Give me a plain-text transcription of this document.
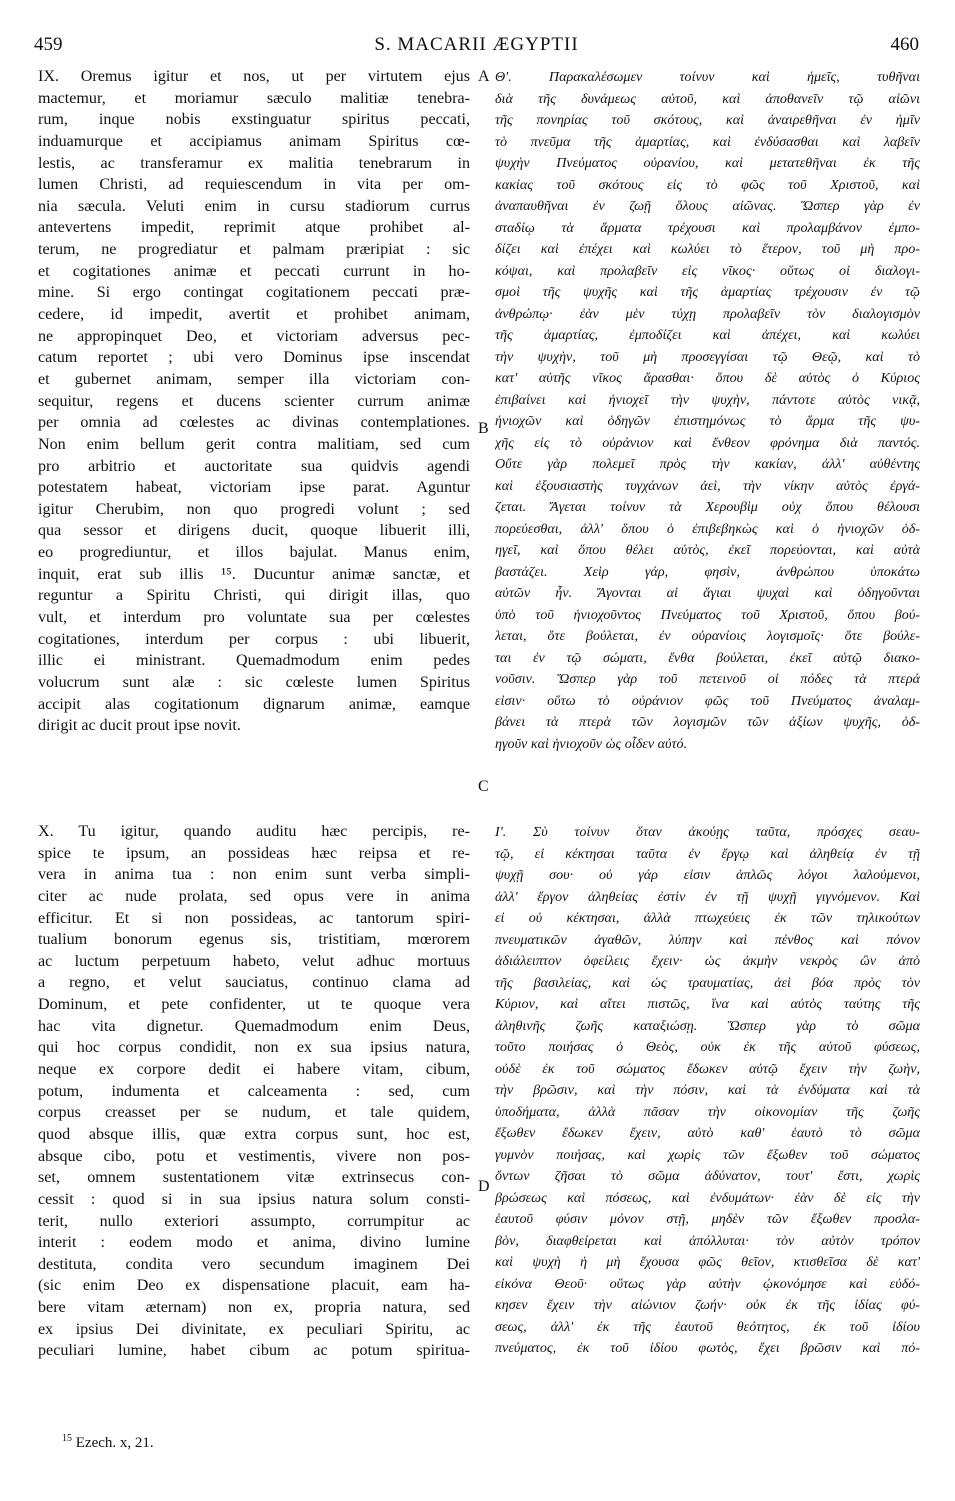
459	S. MACARII ÆGYPTII	460
IX. Oremus igitur et nos, ut per virtutem ejus
mactemur, et moriamur sæculo malitiæ tenebra-
rum, inque nobis exstinguatur spiritus peccati,
induamurque et accipiamus animam Spiritus cœ-
lestis, ac transferamur ex malitia tenebrarum in
lumen Christi, ad requiescendum in vita per om-
nia sæcula. Veluti enim in cursu stadiorum currus
antevertens impedit, reprimit atque prohibet al-
terum, ne progrediatur et palmam præripiat : sic
et cogitationes animæ et peccati currunt in ho-
mine. Si ergo contingat cogitationem peccati præ-
cedere, id impedit, avertit et prohibet animam,
ne appropinquet Deo, et victoriam adversus pec-
catum reportet ; ubi vero Dominus ipse inscendat
et gubernet animam, semper illa victoriam con-
sequitur, regens et ducens scienter currum animæ
per omnia ad cœlestes ac divinas contemplationes.
Non enim bellum gerit contra malitiam, sed cum
pro arbitrio et auctoritate sua quidvis agendi
potestatem habeat, victoriam ipse parat. Aguntur
igitur Cherubim, non quo progredi volunt ; sed
qua sessor et dirigens ducit, quoque libuerit illi,
eo progrediuntur, et illos bajulat. Manus enim,
inquit, erat sub illis ¹⁵. Ducuntur animæ sanctæ, et
reguntur a Spiritu Christi, qui dirigit illas, quo
vult, et interdum pro voluntate sua per cœlestes
cogitationes, interdum per corpus : ubi libuerit,
illic ei ministrant. Quemadmodum enim pedes
volucrum sunt alæ : sic cœleste lumen Spiritus
accipit alas cogitationum dignarum animæ, eamque
dirigit ac ducit prout ipse novit.
Θ'. Παρακαλέσωμεν τοίνυν καὶ ἡμεῖς, τυθῆναι
διὰ τῆς δυνάμεως αὐτοῦ, καὶ ἀποθανεῖν τῷ αἰῶνι
τῆς πονηρίας τοῦ σκότους, καὶ ἀναιρεθῆναι ἐν ἡμῖν
τὸ πνεῦμα τῆς ἁμαρτίας, καὶ ἐνδύσασθαι καὶ λαβεῖν
ψυχὴν Πνεύματος οὐρανίου, καὶ μετατεθῆναι ἐκ τῆς
κακίας τοῦ σκότους εἰς τὸ φῶς τοῦ Χριστοῦ, καὶ
ἀναπαυθῆναι ἐν ζωῇ ὅλους αἰῶνας. Ὥσπερ γὰρ ἐν
σταδίῳ τὰ ἅρματα τρέχουσι καὶ προλαμβάνον ἐμπο-
δίζει καὶ ἐπέχει καὶ κωλύει τὸ ἕτερον, τοῦ μὴ προ-
κόψαι, καὶ προλαβεῖν εἰς νῖκος· οὕτως οἱ διαλογι-
σμοὶ τῆς ψυχῆς καὶ τῆς ἁμαρτίας τρέχουσιν ἐν τῷ
ἀνθρώπῳ· ἐὰν μὲν τύχῃ προλαβεῖν τὸν διαλογισμὸν
τῆς ἁμαρτίας, ἐμποδίζει καὶ ἀπέχει, καὶ κωλύει
τὴν ψυχὴν, τοῦ μὴ προσεγγίσαι τῷ Θεῷ, καὶ τὸ
κατ' αὐτῆς νῖκος ἄρασθαι· ὅπου δὲ αὐτὸς ὁ Κύριος
ἐπιβαίνει καὶ ἡνιοχεῖ τὴν ψυχὴν, πάντοτε αὐτὸς νικᾷ,
ἡνιοχῶν καὶ ὁδηγῶν ἐπιστημόνως τὸ ἅρμα τῆς ψυ-
χῆς εἰς τὸ οὐράνιον καὶ ἔνθεον φρόνημα διὰ παντός.
Οὔτε γὰρ πολεμεῖ πρὸς τὴν κακίαν, ἀλλ' αὐθέντης
καὶ ἐξουσιαστὴς τυγχάνων ἀεὶ, τὴν νίκην αὐτὸς ἐργά-
ζεται. Ἄγεται τοίνυν τὰ Χερουβὶμ οὐχ ὅπου θέλουσι
πορεύεσθαι, ἀλλ' ὅπου ὁ ἐπιβεβηκὼς καὶ ὁ ἡνιοχῶν ὁδ-
ηγεῖ, καὶ ὅπου θέλει αὐτὸς, ἐκεῖ πορεύονται, καὶ αὐτὰ
βαστάζει. Χεὶρ γάρ, φησὶν, ἀνθρώπου ὑποκάτω
αὐτῶν ἦν. Ἄγονται αἱ ἅγιαι ψυχαὶ καὶ ὁδηγοῦνται
ὑπὸ τοῦ ἡνιοχοῦντος Πνεύματος τοῦ Χριστοῦ, ὅπου βού-
λεται, ὅτε βούλεται, ἐν οὐρανίοις λογισμοῖς· ὅτε βούλε-
ται ἐν τῷ σώματι, ἔνθα βούλεται, ἐκεῖ αὐτῷ διακο-
νοῦσιν. Ὥσπερ γὰρ τοῦ πετεινοῦ οἱ πόδες τὰ πτερά
εἰσιν· οὕτω τὸ οὐράνιον φῶς τοῦ Πνεύματος ἀναλαμ-
βάνει τὰ πτερὰ τῶν λογισμῶν τῶν ἀξίων ψυχῆς, ὁδ-
ηγοῦν καὶ ἡνιοχοῦν ὡς οἶδεν αὐτό.
X. Tu igitur, quando auditu hæc percipis, re-
spice te ipsum, an possideas hæc reipsa et re-
vera in anima tua : non enim sunt verba simpli-
citer ac nude prolata, sed opus vere in anima
efficitur. Et si non possideas, ac tantorum spiri-
tualium bonorum egenus sis, tristitiam, mœrorem
ac luctum perpetuum habeto, velut adhuc mortuus
a regno, et velut sauciatus, continuo clama ad
Dominum, et pete confidenter, ut te quoque vera
hac vita dignetur. Quemadmodum enim Deus,
qui hoc corpus condidit, non ex sua ipsius natura,
neque ex corpore dedit ei habere vitam, cibum,
potum, indumenta et calceamenta : sed, cum
corpus creasset per se nudum, et tale quidem,
quod absque illis, quæ extra corpus sunt, hoc est,
absque cibo, potu et vestimentis, vivere non pos-
set, omnem sustentationem vitæ extrinsecus con-
cessit : quod si in sua ipsius natura solum consti-
terit, nullo exteriori assumpto, corrumpitur ac
interit : eodem modo et anima, divino lumine
destituta, condita vero secundum imaginem Dei
(sic enim Deo ex dispensatione placuit, eam ha-
bere vitam æternam) non ex, propria natura, sed
ex ipsius Dei divinitate, ex peculiari Spiritu, ac
peculiari lumine, habet cibum ac potum spiritua-
Ι'. Σὺ τοίνυν ὅταν ἀκούῃς ταῦτα, πρόσχες σεαυ-
τῷ, εἰ κέκτησαι ταῦτα ἐν ἔργῳ καὶ ἀληθείᾳ ἐν τῇ
ψυχῇ σου· οὐ γάρ εἰσιν ἁπλῶς λόγοι λαλούμενοι,
ἀλλ' ἔργον ἀληθείας ἐστὶν ἐν τῇ ψυχῇ γιγνόμενον. Καὶ
εἰ οὐ κέκτησαι, ἀλλὰ πτωχεύεις ἐκ τῶν τηλικούτων
πνευματικῶν ἀγαθῶν, λύπην καὶ πένθος καὶ πόνον
ἀδιάλειπτον ὀφείλεις ἔχειν· ὡς ἀκμὴν νεκρὸς ὢν ἀπὸ
τῆς βασιλείας, καὶ ὡς τραυματίας, ἀεὶ βόα πρὸς τὸν
Κύριον, καὶ αἴτει πιστῶς, ἵνα καὶ αὐτὸς ταύτης τῆς
ἀληθινῆς ζωῆς καταξιώσῃ. Ὥσπερ γὰρ τὸ σῶμα
τοῦτο ποιήσας ὁ Θεὸς, οὐκ ἐκ τῆς αὐτοῦ φύσεως,
οὐδὲ ἐκ τοῦ σώματος ἔδωκεν αὐτῷ ἔχειν τὴν ζωὴν,
τὴν βρῶσιν, καὶ τὴν πόσιν, καὶ τὰ ἐνδύματα καὶ τὰ
ὑποδήματα, ἀλλὰ πᾶσαν τὴν οἰκονομίαν τῆς ζωῆς
ἔξωθεν ἔδωκεν ἔχειν, αὐτὸ καθ' ἑαυτὸ τὸ σῶμα
γυμνὸν ποιήσας, καὶ χωρὶς τῶν ἔξωθεν τοῦ σώματος
ὄντων ζῆσαι τὸ σῶμα ἀδύνατον, τουτ' ἔστι, χωρὶς
βρώσεως καὶ πόσεως, καὶ ἐνδυμάτων· ἐὰν δὲ εἰς τὴν
ἑαυτοῦ φύσιν μόνον στῇ, μηδὲν τῶν ἔξωθεν προσλα-
βὸν, διαφθείρεται καὶ ἀπόλλυται· τὸν αὐτὸν τρόπον
καὶ ψυχὴ ἡ μὴ ἔχουσα φῶς θεῖον, κτισθεῖσα δὲ κατ'
εἰκόνα Θεοῦ· οὕτως γὰρ αὐτὴν ᾠκονόμησε καὶ εὐδό-
κησεν ἔχειν τὴν αἰώνιον ζωήν· οὐκ ἐκ τῆς ἰδίας φύ-
σεως, ἀλλ' ἐκ τῆς ἑαυτοῦ θεότητος, ἐκ τοῦ ἰδίου
πνεύματος, ἐκ τοῦ ἰδίου φωτὸς, ἔχει βρῶσιν καὶ πό-
A
B
C
D
$^{15}$ Ezech. x, 21.
